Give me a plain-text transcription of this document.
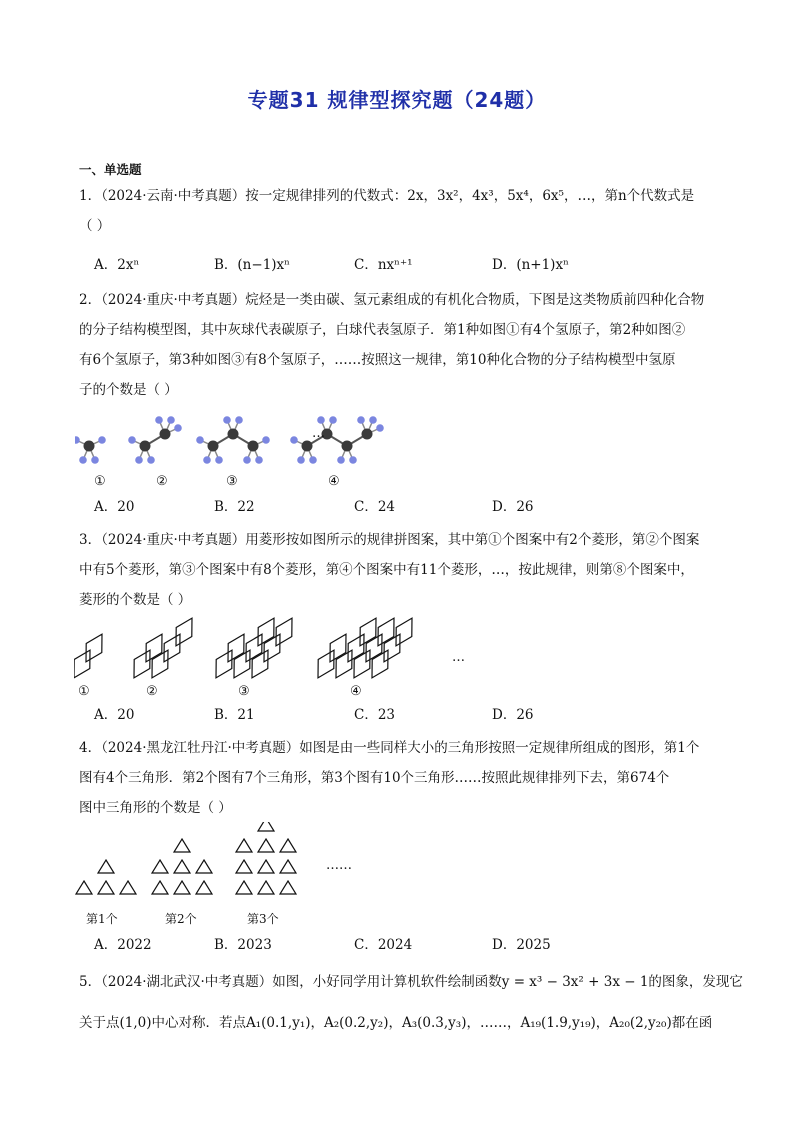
专题31 规律型探究题（24题）
一、单选题
1．（2024·云南·中考真题）按一定规律排列的代数式：2x，3x²，4x³，5x⁴，6x⁵，…，第n个代数式是
（ ）
A．2xⁿ	B．(n−1)xⁿ	C．nxⁿ⁺¹	D．(n+1)xⁿ
2．（2024·重庆·中考真题）烷烃是一类由碳、氢元素组成的有机化合物质，下图是这类物质前四种化合物
的分子结构模型图，其中灰球代表碳原子，白球代表氢原子．第1种如图①有4个氢原子，第2种如图②
有6个氢原子，第3种如图③有8个氢原子，……按照这一规律，第10种化合物的分子结构模型中氢原
子的个数是（ ）
…
①	②	③	④
A．20	B．22	C．24	D．26
3．（2024·重庆·中考真题）用菱形按如图所示的规律拼图案，其中第①个图案中有2个菱形，第②个图案
中有5个菱形，第③个图案中有8个菱形，第④个图案中有11个菱形，…，按此规律，则第⑧个图案中，
菱形的个数是（ ）
…
①	②	③	④
A．20	B．21	C．23	D．26
4．（2024·黑龙江牡丹江·中考真题）如图是由一些同样大小的三角形按照一定规律所组成的图形，第1个
图有4个三角形．第2个图有7个三角形，第3个图有10个三角形……按照此规律排列下去，第674个
图中三角形的个数是（ ）
……
第1个	第2个	第3个
A．2022	B．2023	C．2024	D．2025
5．（2024·湖北武汉·中考真题）如图，小好同学用计算机软件绘制函数y = x³ − 3x² + 3x − 1的图象，发现它
关于点(1,0)中心对称．若点A₁(0.1,y₁)，A₂(0.2,y₂)，A₃(0.3,y₃)，……，A₁₉(1.9,y₁₉)，A₂₀(2,y₂₀)都在函
